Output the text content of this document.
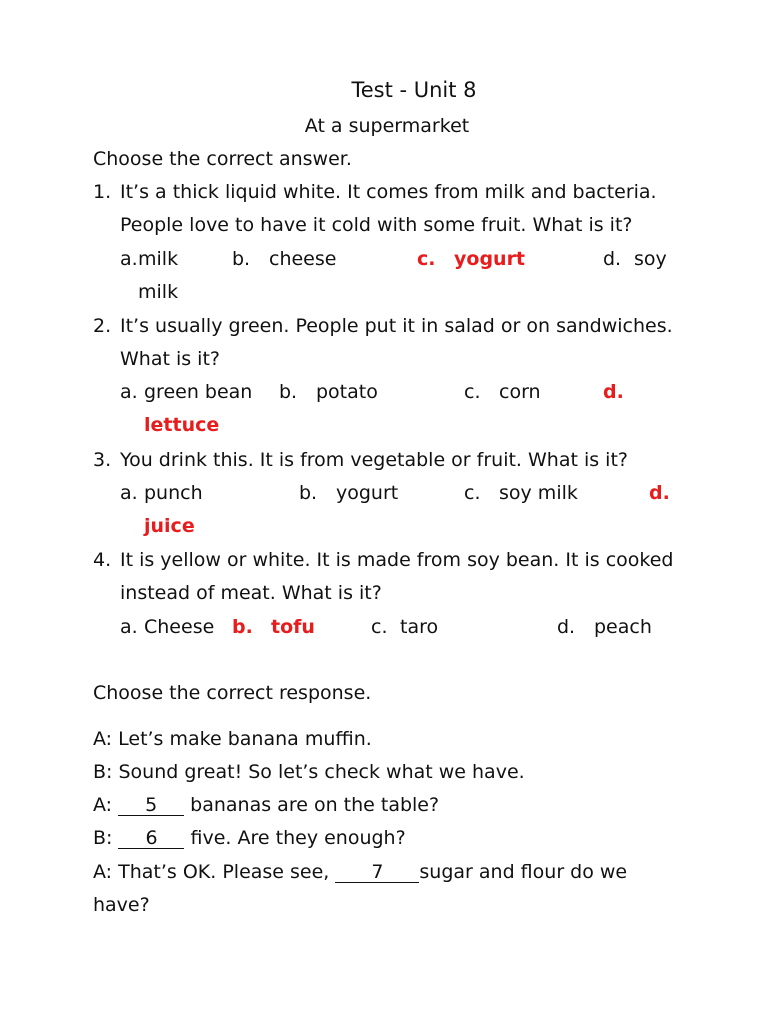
Test - Unit 8
At a supermarket
Choose the correct answer.
1. It’s a thick liquid white. It comes from milk and bacteria.
People love to have it cold with some fruit. What is it?
a. milk	b. cheese	c. yogurt	d. soy
milk
2. It’s usually green. People put it in salad or on sandwiches.
What is it?
a. green bean b. potato	c. corn	d.
lettuce
3. You drink this. It is from vegetable or fruit. What is it?
a. punch	b. yogurt	c. soy milk	d.
juice
4. It is yellow or white. It is made from soy bean. It is cooked
instead of meat. What is it?
a. Cheese b. tofu	c. taro	d. peach
Choose the correct response.
A: Let’s make banana muffin.
B: Sound great! So let’s check what we have.
A: 5 bananas are on the table?
B: 6 five. Are they enough?
A: That’s OK. Please see, 7 sugar and flour do we
have?
